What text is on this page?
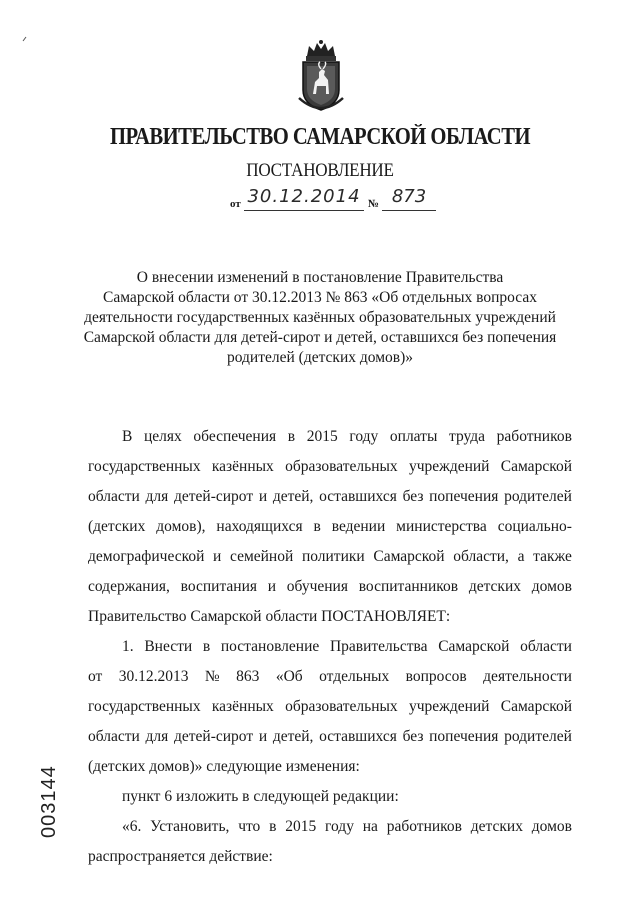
ПРАВИТЕЛЬСТВО САМАРСКОЙ ОБЛАСТИ
ПОСТАНОВЛЕНИЕ
от 30.12.2014 № 873
О внесении изменений в постановление Правительства
Самарской области от 30.12.2013 № 863 «Об отдельных вопросах
деятельности государственных казённых образовательных учреждений
Самарской области для детей-сирот и детей, оставшихся без попечения
родителей (детских домов)»
В целях обеспечения в 2015 году оплаты труда работников
государственных казённых образовательных учреждений Самарской
области для детей-сирот и детей, оставшихся без попечения родителей
(детских домов), находящихся в ведении министерства социально-
демографической и семейной политики Самарской области, а также
содержания, воспитания и обучения воспитанников детских домов
Правительство Самарской области ПОСТАНОВЛЯЕТ:
1. Внести в постановление Правительства Самарской области
от 30.12.2013 № 863 «Об отдельных вопросов деятельности
государственных казённых образовательных учреждений Самарской
области для детей-сирот и детей, оставшихся без попечения родителей
(детских домов)» следующие изменения:
пункт 6 изложить в следующей редакции:
«6. Установить, что в 2015 году на работников детских домов
распространяется действие:
003144
